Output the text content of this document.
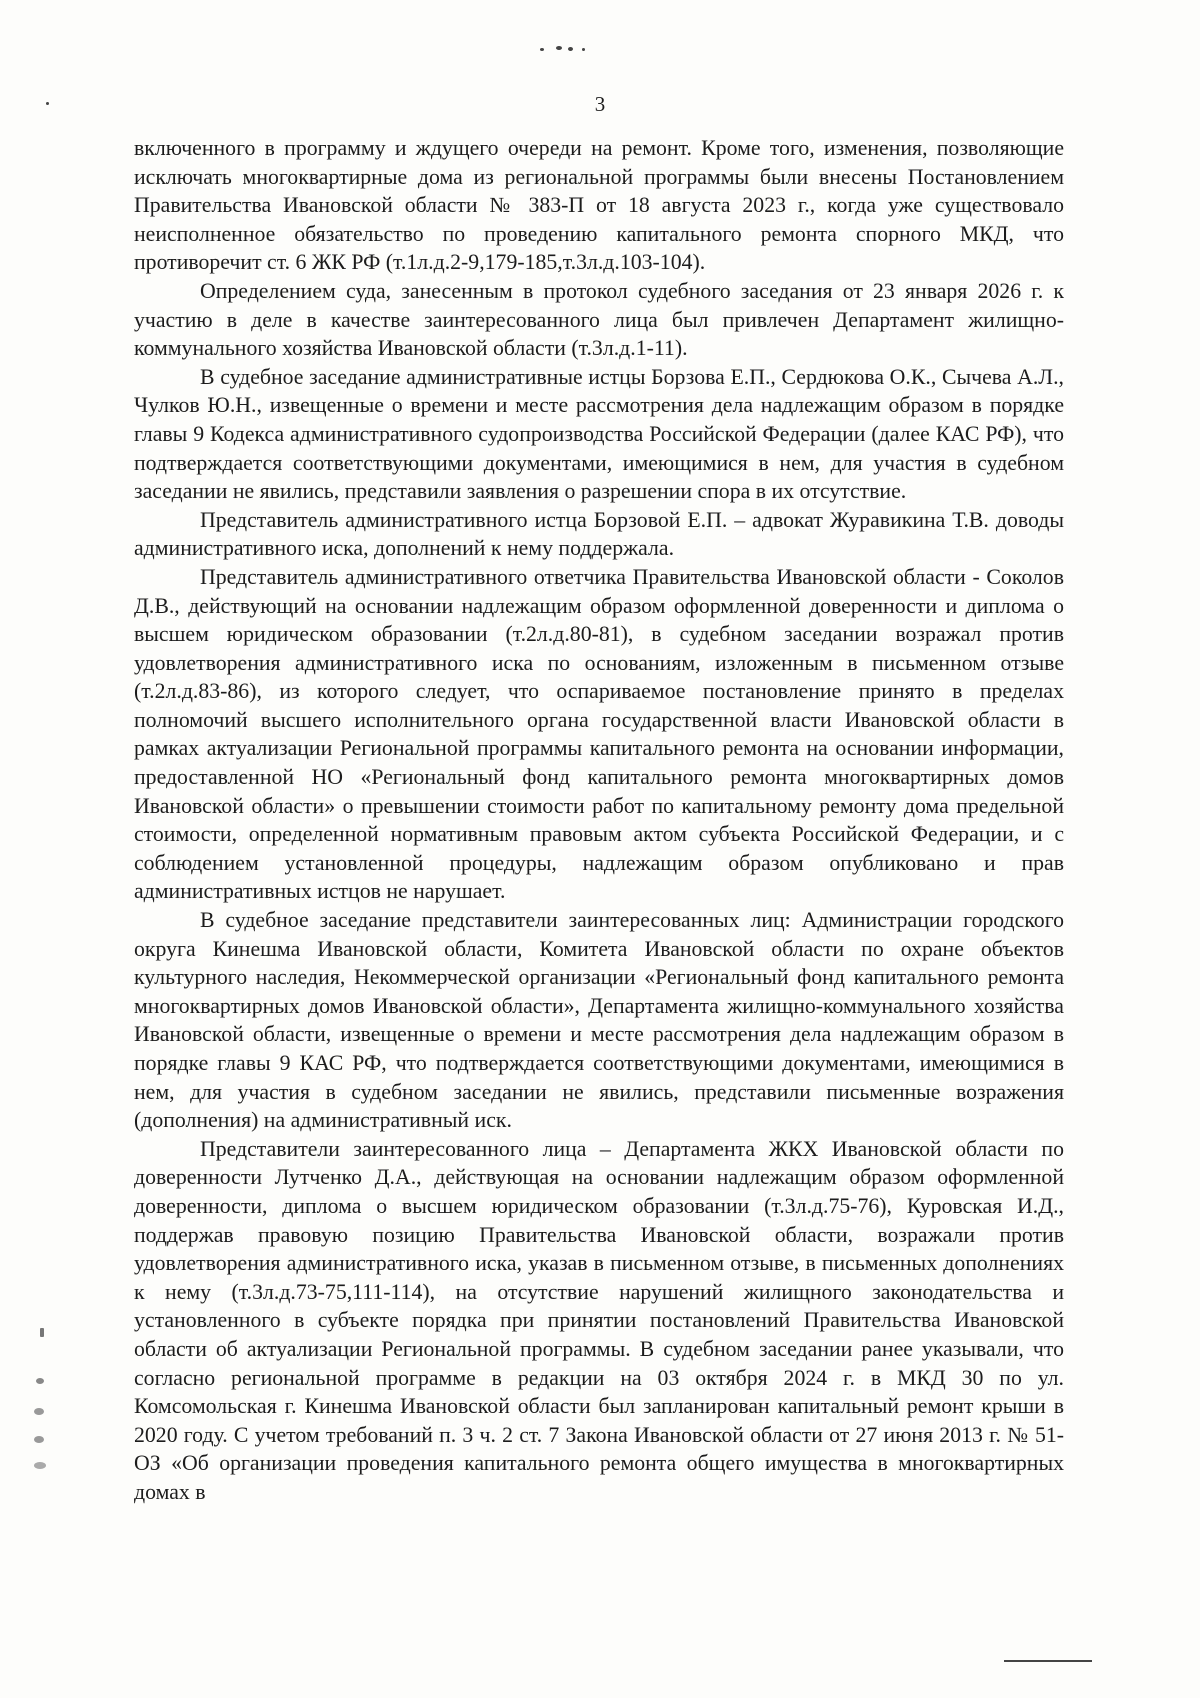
3

включенного в программу и ждущего очереди на ремонт. Кроме того, изменения, позволяющие исключать многоквартирные дома из региональной программы были внесены Постановлением Правительства Ивановской области № 383-П от 18 августа 2023 г., когда уже существовало неисполненное обязательство по проведению капитального ремонта спорного МКД, что противоречит ст. 6 ЖК РФ (т.1л.д.2-9,179-185,т.3л.д.103-104).

Определением суда, занесенным в протокол судебного заседания от 23 января 2026 г. к участию в деле в качестве заинтересованного лица был привлечен Департамент жилищно-коммунального хозяйства Ивановской области (т.3л.д.1-11).

В судебное заседание административные истцы Борзова Е.П., Сердюкова О.К., Сычева А.Л., Чулков Ю.Н., извещенные о времени и месте рассмотрения дела надлежащим образом в порядке главы 9 Кодекса административного судопроизводства Российской Федерации (далее КАС РФ), что подтверждается соответствующими документами, имеющимися в нем, для участия в судебном заседании не явились, представили заявления о разрешении спора в их отсутствие.

Представитель административного истца Борзовой Е.П. – адвокат Журавикина Т.В. доводы административного иска, дополнений к нему поддержала.

Представитель административного ответчика Правительства Ивановской области - Соколов Д.В., действующий на основании надлежащим образом оформленной доверенности и диплома о высшем юридическом образовании (т.2л.д.80-81), в судебном заседании возражал против удовлетворения административного иска по основаниям, изложенным в письменном отзыве (т.2л.д.83-86), из которого следует, что оспариваемое постановление принято в пределах полномочий высшего исполнительного органа государственной власти Ивановской области в рамках актуализации Региональной программы капитального ремонта на основании информации, предоставленной НО «Региональный фонд капитального ремонта многоквартирных домов Ивановской области» о превышении стоимости работ по капитальному ремонту дома предельной стоимости, определенной нормативным правовым актом субъекта Российской Федерации, и с соблюдением установленной процедуры, надлежащим образом опубликовано и прав административных истцов не нарушает.

В судебное заседание представители заинтересованных лиц: Администрации городского округа Кинешма Ивановской области, Комитета Ивановской области по охране объектов культурного наследия, Некоммерческой организации «Региональный фонд капитального ремонта многоквартирных домов Ивановской области», Департамента жилищно-коммунального хозяйства Ивановской области, извещенные о времени и месте рассмотрения дела надлежащим образом в порядке главы 9 КАС РФ, что подтверждается соответствующими документами, имеющимися в нем, для участия в судебном заседании не явились, представили письменные возражения (дополнения) на административный иск.

Представители заинтересованного лица – Департамента ЖКХ Ивановской области по доверенности Лутченко Д.А., действующая на основании надлежащим образом оформленной доверенности, диплома о высшем юридическом образовании (т.3л.д.75-76), Куровская И.Д., поддержав правовую позицию Правительства Ивановской области, возражали против удовлетворения административного иска, указав в письменном отзыве, в письменных дополнениях к нему (т.3л.д.73-75,111-114), на отсутствие нарушений жилищного законодательства и установленного в субъекте порядка при принятии постановлений Правительства Ивановской области об актуализации Региональной программы. В судебном заседании ранее указывали, что согласно региональной программе в редакции на 03 октября 2024 г. в МКД 30 по ул. Комсомольская г. Кинешма Ивановской области был запланирован капитальный ремонт крыши в 2020 году. С учетом требований п. 3 ч. 2 ст. 7 Закона Ивановской области от 27 июня 2013 г. № 51-ОЗ «Об организации проведения капитального ремонта общего имущества в многоквартирных домах в
